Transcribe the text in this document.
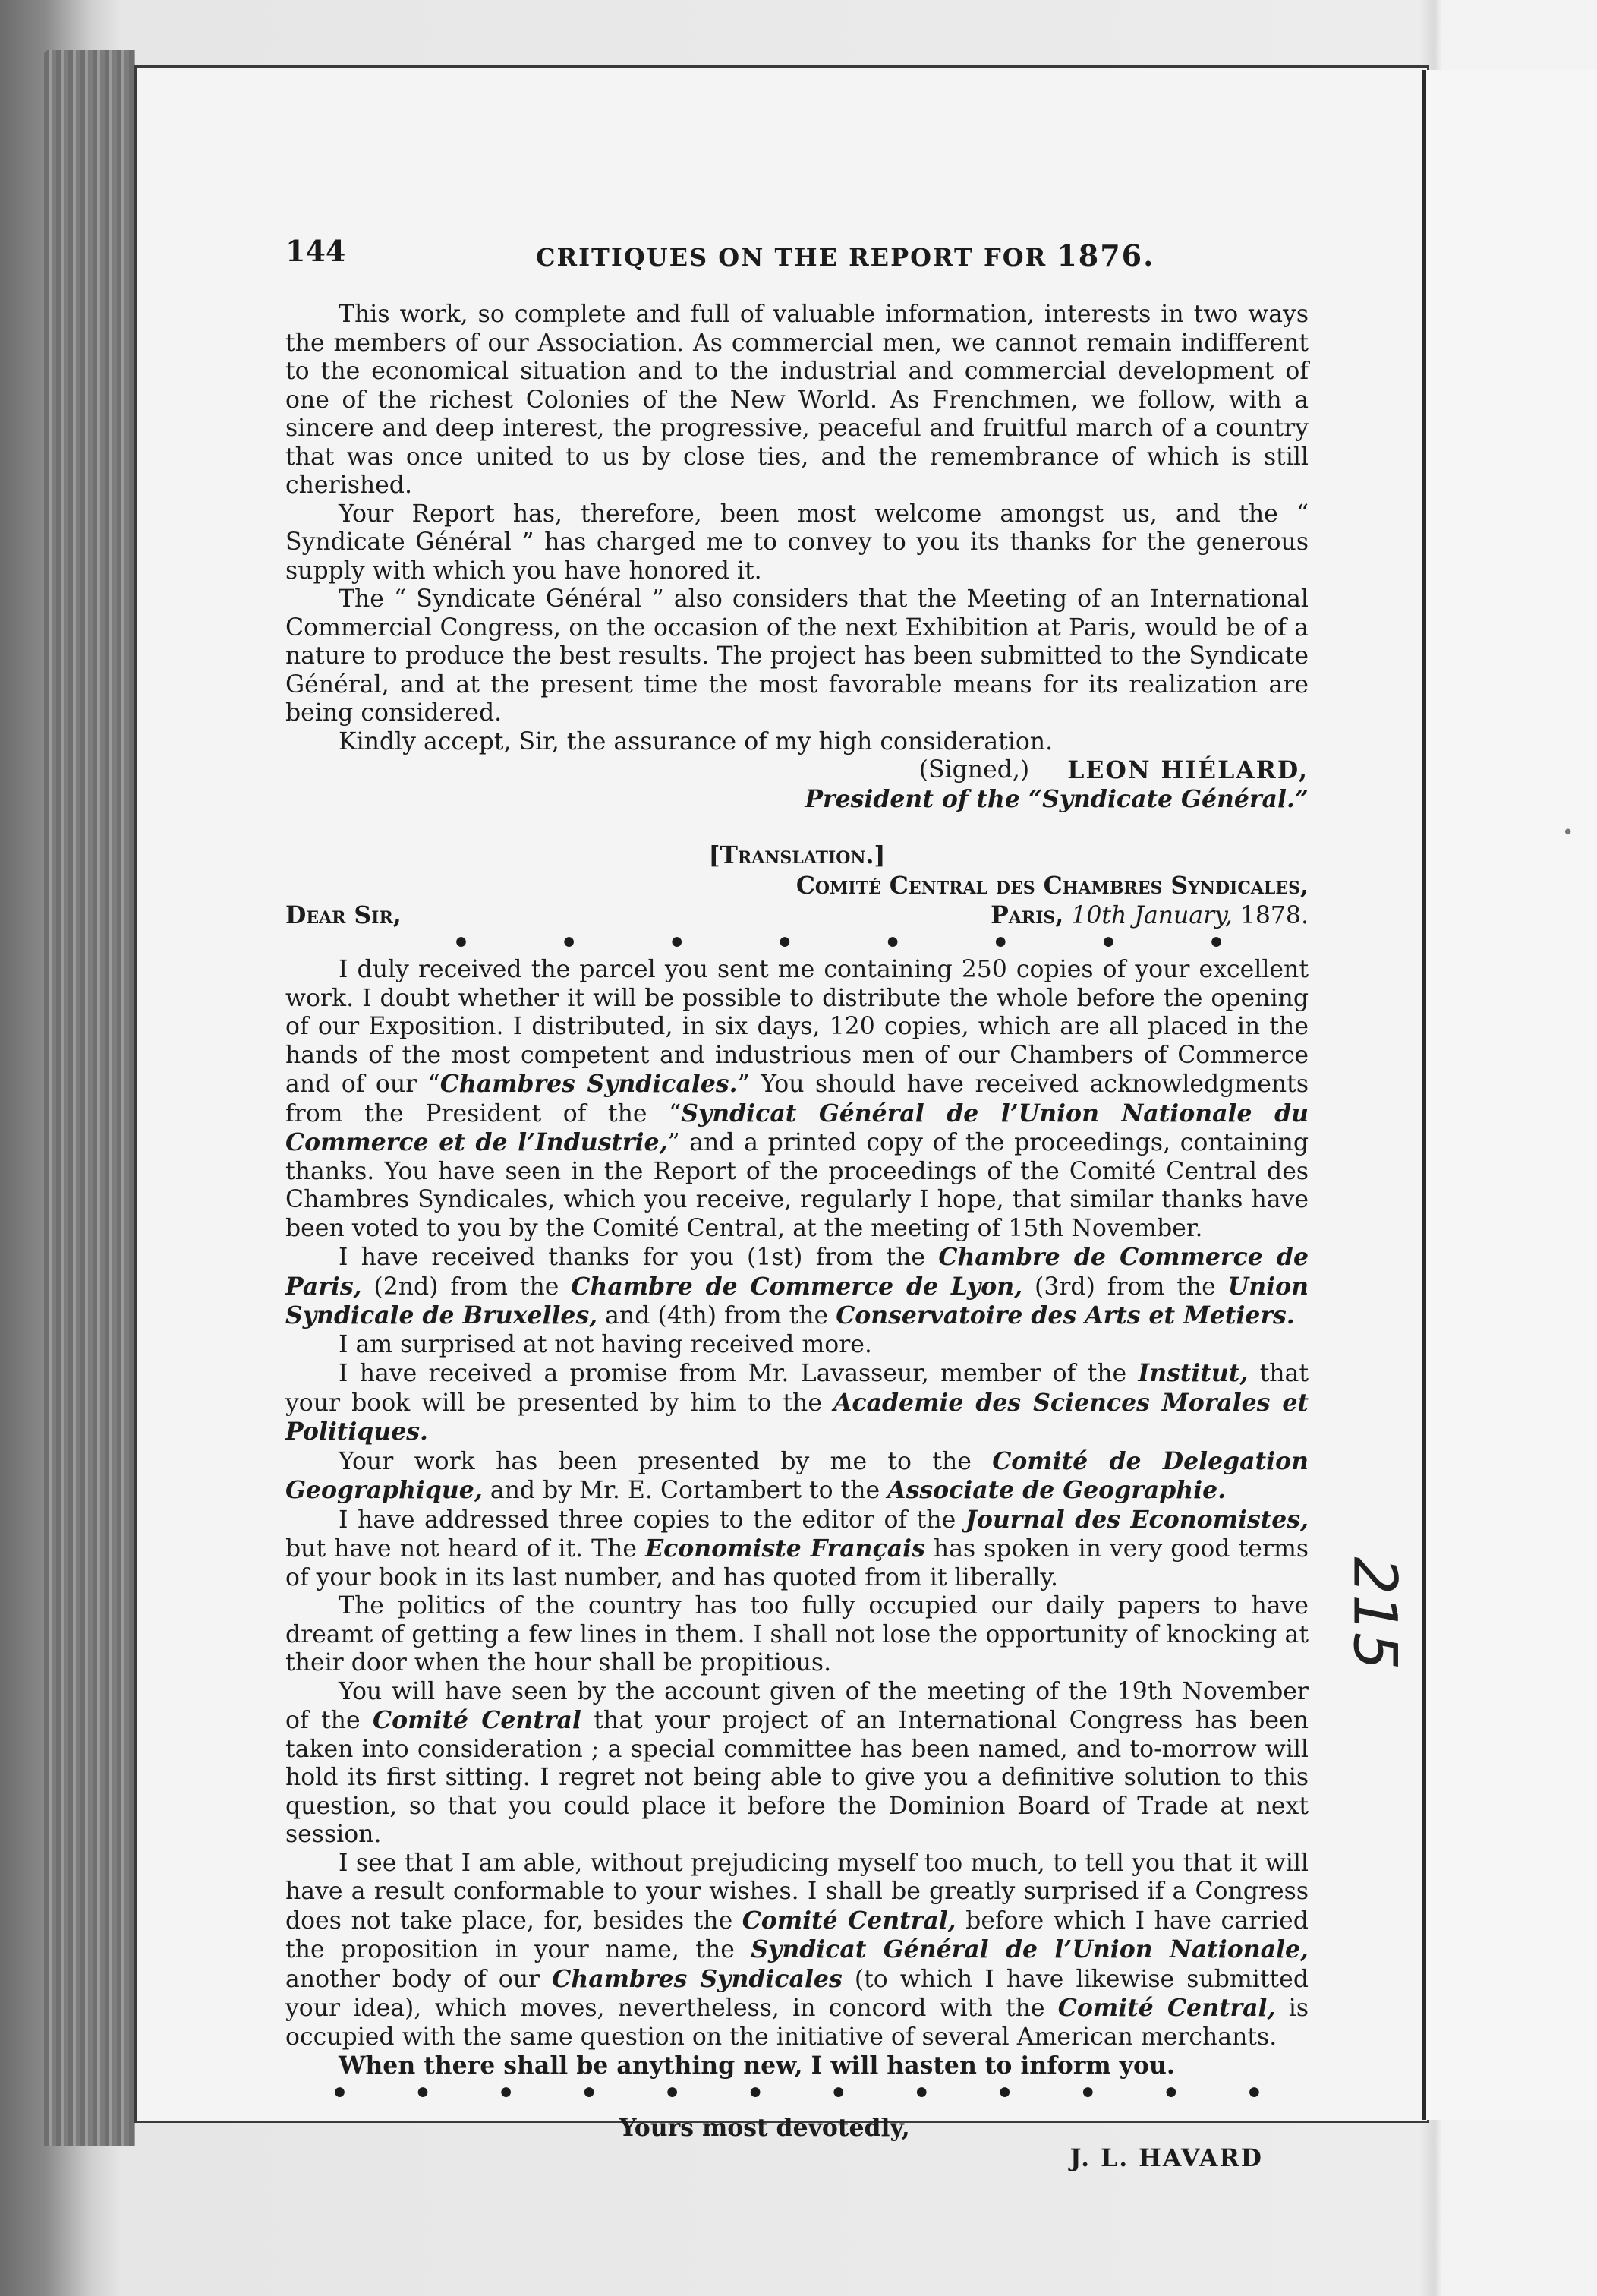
•
144	CRITIQUES ON THE REPORT FOR 1876.

This work, so complete and full of valuable information, interests in two ways the members of our Association. As commercial men, we cannot remain indifferent to the economical situation and to the industrial and commercial development of one of the richest Colonies of the New World. As Frenchmen, we follow, with a sincere and deep interest, the progressive, peaceful and fruitful march of a country that was once united to us by close ties, and the remembrance of which is still cherished.

Your Report has, therefore, been most welcome amongst us, and the “ Syndicate Général ” has charged me to convey to you its thanks for the generous supply with which you have honored it.

The “ Syndicate Général ” also considers that the Meeting of an International Commercial Congress, on the occasion of the next Exhibition at Paris, would be of a nature to produce the best results. The project has been submitted to the Syndicate Général, and at the present time the most favorable means for its realization are being considered.

Kindly accept, Sir, the assurance of my high consideration.

(Signed,) LEON HIÉLARD,
President of the “Syndicate Général.”
[Translation.]
Comité Central des Chambres Syndicales,
Dear Sir,	Paris, 10th January, 1878.
•	•	•	•	•	•	•	•

I duly received the parcel you sent me containing 250 copies of your excellent work. I doubt whether it will be possible to distribute the whole before the opening of our Exposition. I distributed, in six days, 120 copies, which are all placed in the hands of the most competent and industrious men of our Chambers of Commerce and of our “Chambres Syndicales.” You should have received acknowledgments from the President of the “Syndicat Général de l’Union Nationale du Commerce et de l’Industrie,” and a printed copy of the proceedings, containing thanks. You have seen in the Report of the proceedings of the Comité Central des Chambres Syndicales, which you receive, regularly I hope, that similar thanks have been voted to you by the Comité Central, at the meeting of 15th November.

I have received thanks for you (1st) from the Chambre de Commerce de Paris, (2nd) from the Chambre de Commerce de Lyon, (3rd) from the Union Syndicale de Bruxelles, and (4th) from the Conservatoire des Arts et Metiers.

I am surprised at not having received more.

I have received a promise from Mr. Lavasseur, member of the Institut, that your book will be presented by him to the Academie des Sciences Morales et Politiques.

Your work has been presented by me to the Comité de Delegation Geographique, and by Mr. E. Cortambert to the Associate de Geographie.

I have addressed three copies to the editor of the Journal des Economistes, but have not heard of it. The Economiste Français has spoken in very good terms of your book in its last number, and has quoted from it liberally.

The politics of the country has too fully occupied our daily papers to have dreamt of getting a few lines in them. I shall not lose the opportunity of knocking at their door when the hour shall be propitious.

You will have seen by the account given of the meeting of the 19th November of the Comité Central that your project of an International Congress has been taken into consideration ; a special committee has been named, and to-morrow will hold its first sitting. I regret not being able to give you a definitive solution to this question, so that you could place it before the Dominion Board of Trade at next session.

I see that I am able, without prejudicing myself too much, to tell you that it will have a result conformable to your wishes. I shall be greatly surprised if a Congress does not take place, for, besides the Comité Central, before which I have carried the proposition in your name, the Syndicat Général de l’Union Nationale, another body of our Chambres Syndicales (to which I have likewise submitted your idea), which moves, nevertheless, in concord with the Comité Central, is occupied with the same question on the initiative of several American merchants.

When there shall be anything new, I will hasten to inform you.

• • • • • • • • • • • •
Yours most devotedly,
J. L. HAVARD
215
